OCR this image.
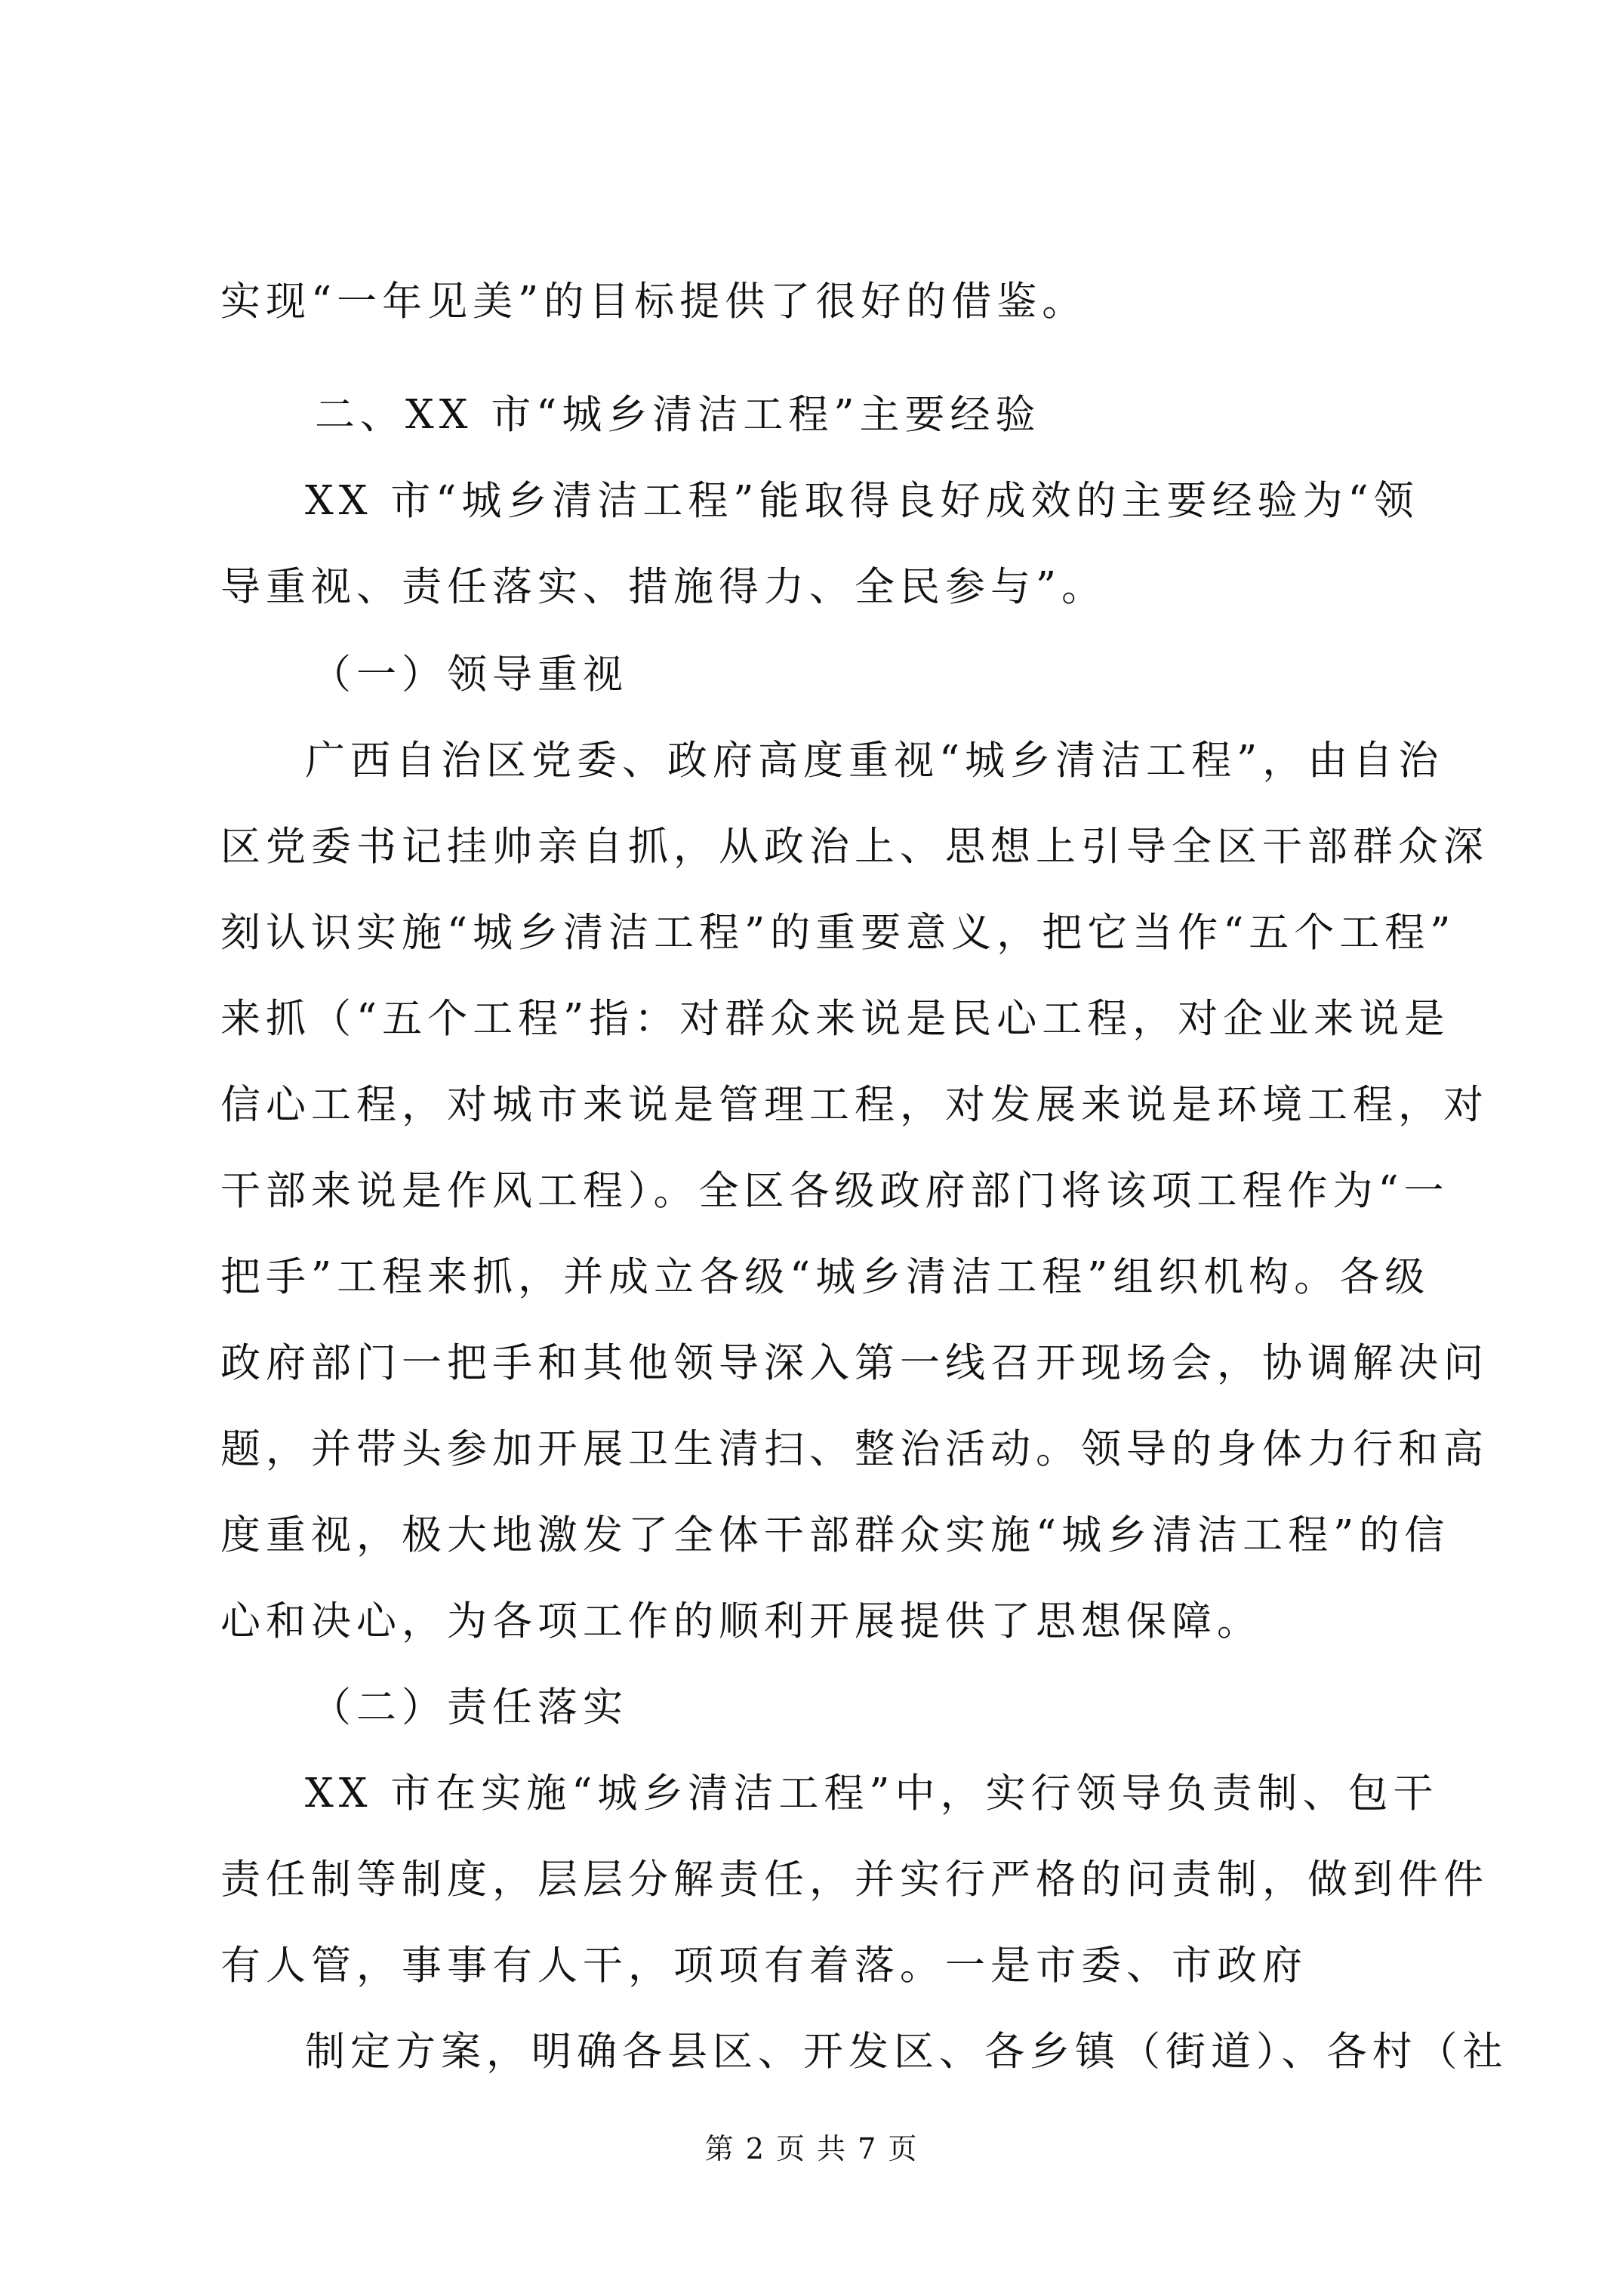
实现“一年见美”的目标提供了很好的借鉴。
二、XX 市“城乡清洁工程”主要经验
XX 市“城乡清洁工程”能取得良好成效的主要经验为“领
导重视、责任落实、措施得力、全民参与”。
（一）领导重视
广西自治区党委、政府高度重视“城乡清洁工程”，由自治
区党委书记挂帅亲自抓，从政治上、思想上引导全区干部群众深
刻认识实施“城乡清洁工程”的重要意义，把它当作“五个工程”
来抓（“五个工程”指：对群众来说是民心工程，对企业来说是
信心工程，对城市来说是管理工程，对发展来说是环境工程，对
干部来说是作风工程）。全区各级政府部门将该项工程作为“一
把手”工程来抓，并成立各级“城乡清洁工程”组织机构。各级
政府部门一把手和其他领导深入第一线召开现场会，协调解决问
题，并带头参加开展卫生清扫、整治活动。领导的身体力行和高
度重视，极大地激发了全体干部群众实施“城乡清洁工程”的信
心和决心，为各项工作的顺利开展提供了思想保障。
（二）责任落实
XX 市在实施“城乡清洁工程”中，实行领导负责制、包干
责任制等制度，层层分解责任，并实行严格的问责制，做到件件
有人管，事事有人干，项项有着落。一是市委、市政府
制定方案，明确各县区、开发区、各乡镇（街道）、各村（社
第 2 页 共 7 页
